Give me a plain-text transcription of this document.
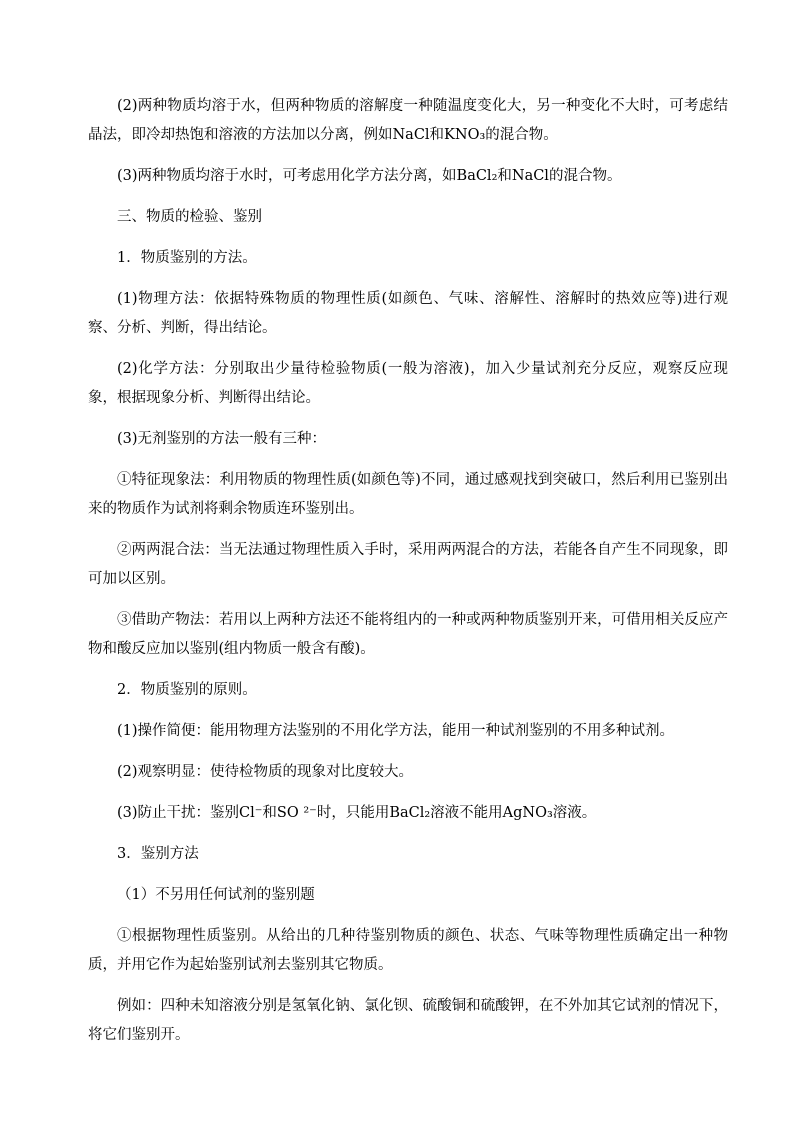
(2)两种物质均溶于水，但两种物质的溶解度一种随温度变化大，另一种变化不大时，可考虑结晶法，即冷却热饱和溶液的方法加以分离，例如NaCl和KNO₃的混合物。

(3)两种物质均溶于水时，可考虑用化学方法分离，如BaCl₂和NaCl的混合物。

三、物质的检验、鉴别

1．物质鉴别的方法。

(1)物理方法：依据特殊物质的物理性质(如颜色、气味、溶解性、溶解时的热效应等)进行观察、分析、判断，得出结论。

(2)化学方法：分别取出少量待检验物质(一般为溶液)，加入少量试剂充分反应，观察反应现象，根据现象分析、判断得出结论。

(3)无剂鉴别的方法一般有三种：

①特征现象法：利用物质的物理性质(如颜色等)不同，通过感观找到突破口，然后利用已鉴别出来的物质作为试剂将剩余物质连环鉴别出。

②两两混合法：当无法通过物理性质入手时，采用两两混合的方法，若能各自产生不同现象，即可加以区别。

③借助产物法：若用以上两种方法还不能将组内的一种或两种物质鉴别开来，可借用相关反应产物和酸反应加以鉴别(组内物质一般含有酸)。

2．物质鉴别的原则。

(1)操作简便：能用物理方法鉴别的不用化学方法，能用一种试剂鉴别的不用多种试剂。

(2)观察明显：使待检物质的现象对比度较大。

(3)防止干扰：鉴别Cl⁻和SO ²⁻时，只能用BaCl₂溶液不能用AgNO₃溶液。

3．鉴别方法

（1）不另用任何试剂的鉴别题

①根据物理性质鉴别。从给出的几种待鉴别物质的颜色、状态、气味等物理性质确定出一种物质，并用它作为起始鉴别试剂去鉴别其它物质。

例如：四种未知溶液分别是氢氧化钠、氯化钡、硫酸铜和硫酸钾，在不外加其它试剂的情况下，将它们鉴别开。
